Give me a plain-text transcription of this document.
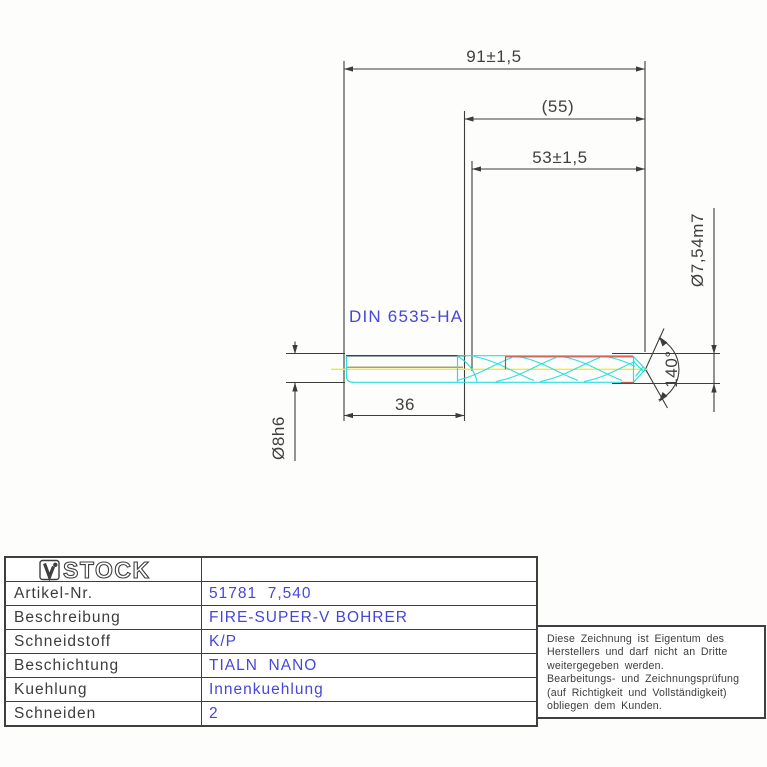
91±1,5
(55)
53±1,5
36
DIN 6535-HA
140°
Ø7,54m7
Ø8h6
STOCK
Artikel-Nr.	51781  7,540
Beschreibung	FIRE-SUPER-V BOHRER
Schneidstoff	K/P
Beschichtung	TIALN  NANO
Kuehlung	Innenkuehlung
Schneiden	2
Diese Zeichnung ist Eigentum des
Herstellers und darf nicht an Dritte
weitergegeben werden.
Bearbeitungs- und Zeichnungsprüfung
(auf Richtigkeit und Vollständigkeit)
obliegen dem Kunden.
